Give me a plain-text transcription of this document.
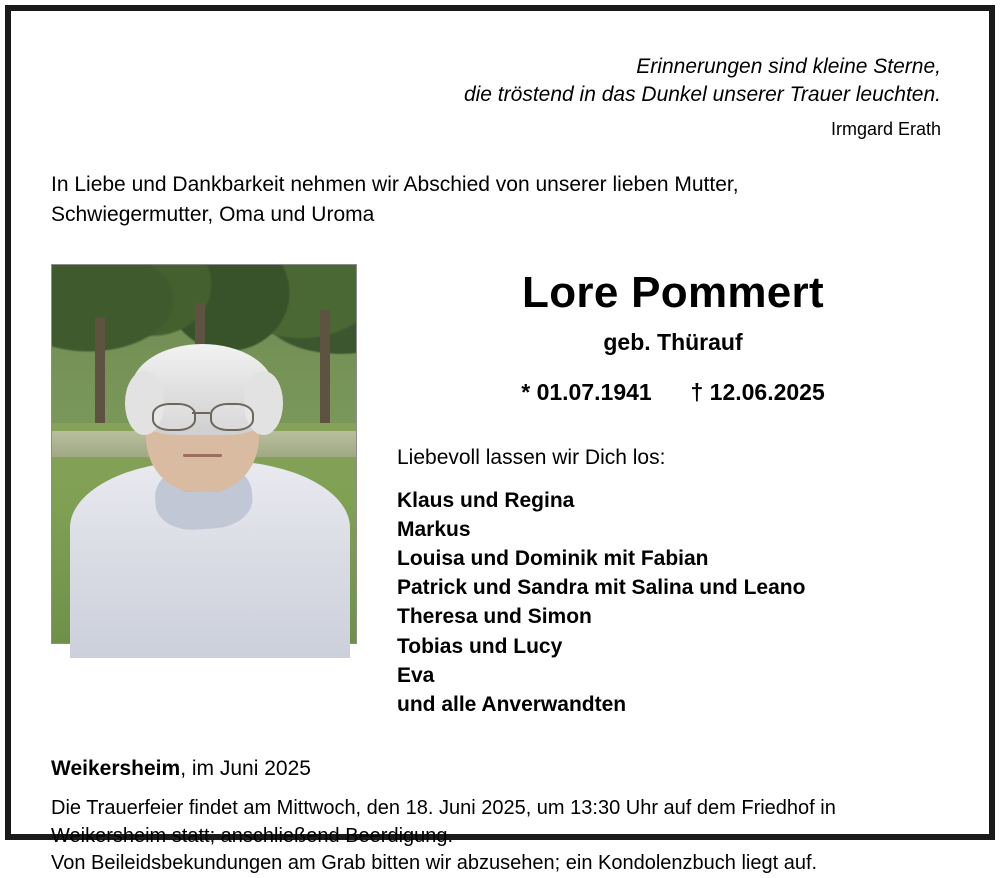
Erinnerungen sind kleine Sterne,
die tröstend in das Dunkel unserer Trauer leuchten.
Irmgard Erath
In Liebe und Dankbarkeit nehmen wir Abschied von unserer lieben Mutter,
Schwiegermutter, Oma und Uroma
Lore Pommert
geb. Thürauf
* 01.07.1941 † 12.06.2025
Liebevoll lassen wir Dich los:
Klaus und Regina
Markus
Louisa und Dominik mit Fabian
Patrick und Sandra mit Salina und Leano
Theresa und Simon
Tobias und Lucy
Eva
und alle Anverwandten
Weikersheim, im Juni 2025
Die Trauerfeier findet am Mittwoch, den 18. Juni 2025, um 13:30 Uhr auf dem Friedhof in
Weikersheim statt; anschließend Beerdigung.
Von Beileidsbekundungen am Grab bitten wir abzusehen; ein Kondolenzbuch liegt auf.
